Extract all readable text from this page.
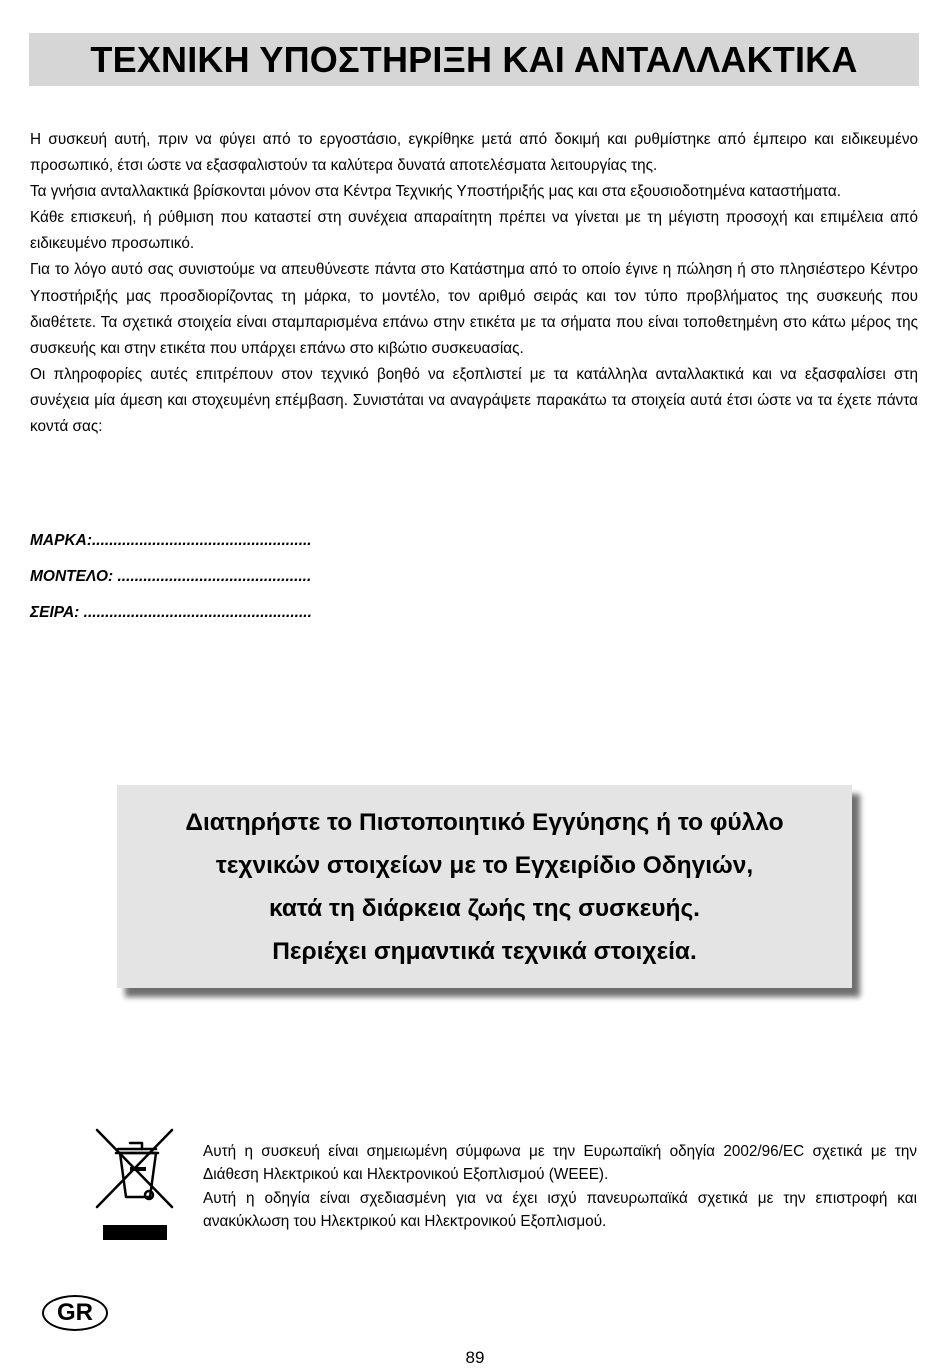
ΤΕΧΝΙΚΗ ΥΠΟΣΤΗΡΙΞΗ ΚΑΙ ΑΝΤΑΛΛΑΚΤΙΚΑ

Η συσκευή αυτή, πριν να φύγει από το εργοστάσιο, εγκρίθηκε μετά από δοκιμή και ρυθμίστηκε από έμπειρο και ειδικευμένο προσωπικό, έτσι ώστε να εξασφαλιστούν τα καλύτερα δυνατά αποτελέσματα λειτουργίας της.

Τα γνήσια ανταλλακτικά βρίσκονται μόνον στα Κέντρα Τεχνικής Υποστήριξής μας και στα εξουσιοδοτημένα καταστήματα.

Κάθε επισκευή, ή ρύθμιση που καταστεί στη συνέχεια απαραίτητη πρέπει να γίνεται με τη μέγιστη προσοχή και επιμέλεια από ειδικευμένο προσωπικό.

Για το λόγο αυτό σας συνιστούμε να απευθύνεστε πάντα στο Κατάστημα από το οποίο έγινε η πώληση ή στο πλησιέστερο Κέντρο Υποστήριξής μας προσδιορίζοντας τη μάρκα, το μοντέλο, τον αριθμό σειράς και τον τύπο προβλήματος της συσκευής που διαθέτετε. Τα σχετικά στοιχεία είναι σταμπαρισμένα επάνω στην ετικέτα με τα σήματα που είναι τοποθετημένη στο κάτω μέρος της συσκευής και στην ετικέτα που υπάρχει επάνω στο κιβώτιο συσκευασίας.

Οι πληροφορίες αυτές επιτρέπουν στον τεχνικό βοηθό να εξοπλιστεί με τα κατάλληλα ανταλλακτικά και να εξασφαλίσει στη συνέχεια μία άμεση και στοχευμένη επέμβαση. Συνιστάται να αναγράψετε παρακάτω τα στοιχεία αυτά έτσι ώστε να τα έχετε πάντα κοντά σας:

ΜΑΡΚΑ:...................................................
ΜΟΝΤΕΛΟ: .............................................
ΣΕΙΡΑ: .....................................................
Διατηρήστε το Πιστοποιητικό Εγγύησης ή το φύλλο
τεχνικών στοιχείων με το Εγχειρίδιο Οδηγιών,
κατά τη διάρκεια ζωής της συσκευής.
Περιέχει σημαντικά τεχνικά στοιχεία.

Αυτή η συσκευή είναι σημειωμένη σύμφωνα με την Ευρωπαϊκή οδηγία 2002/96/EC σχετικά με την Διάθεση Ηλεκτρικού και Ηλεκτρονικού Εξοπλισμού (WEEE).

Αυτή η οδηγία είναι σχεδιασμένη για να έχει ισχύ πανευρωπαϊκά σχετικά με την επιστροφή και ανακύκλωση του Ηλεκτρικού και Ηλεκτρονικού Εξοπλισμού.

GR
89
